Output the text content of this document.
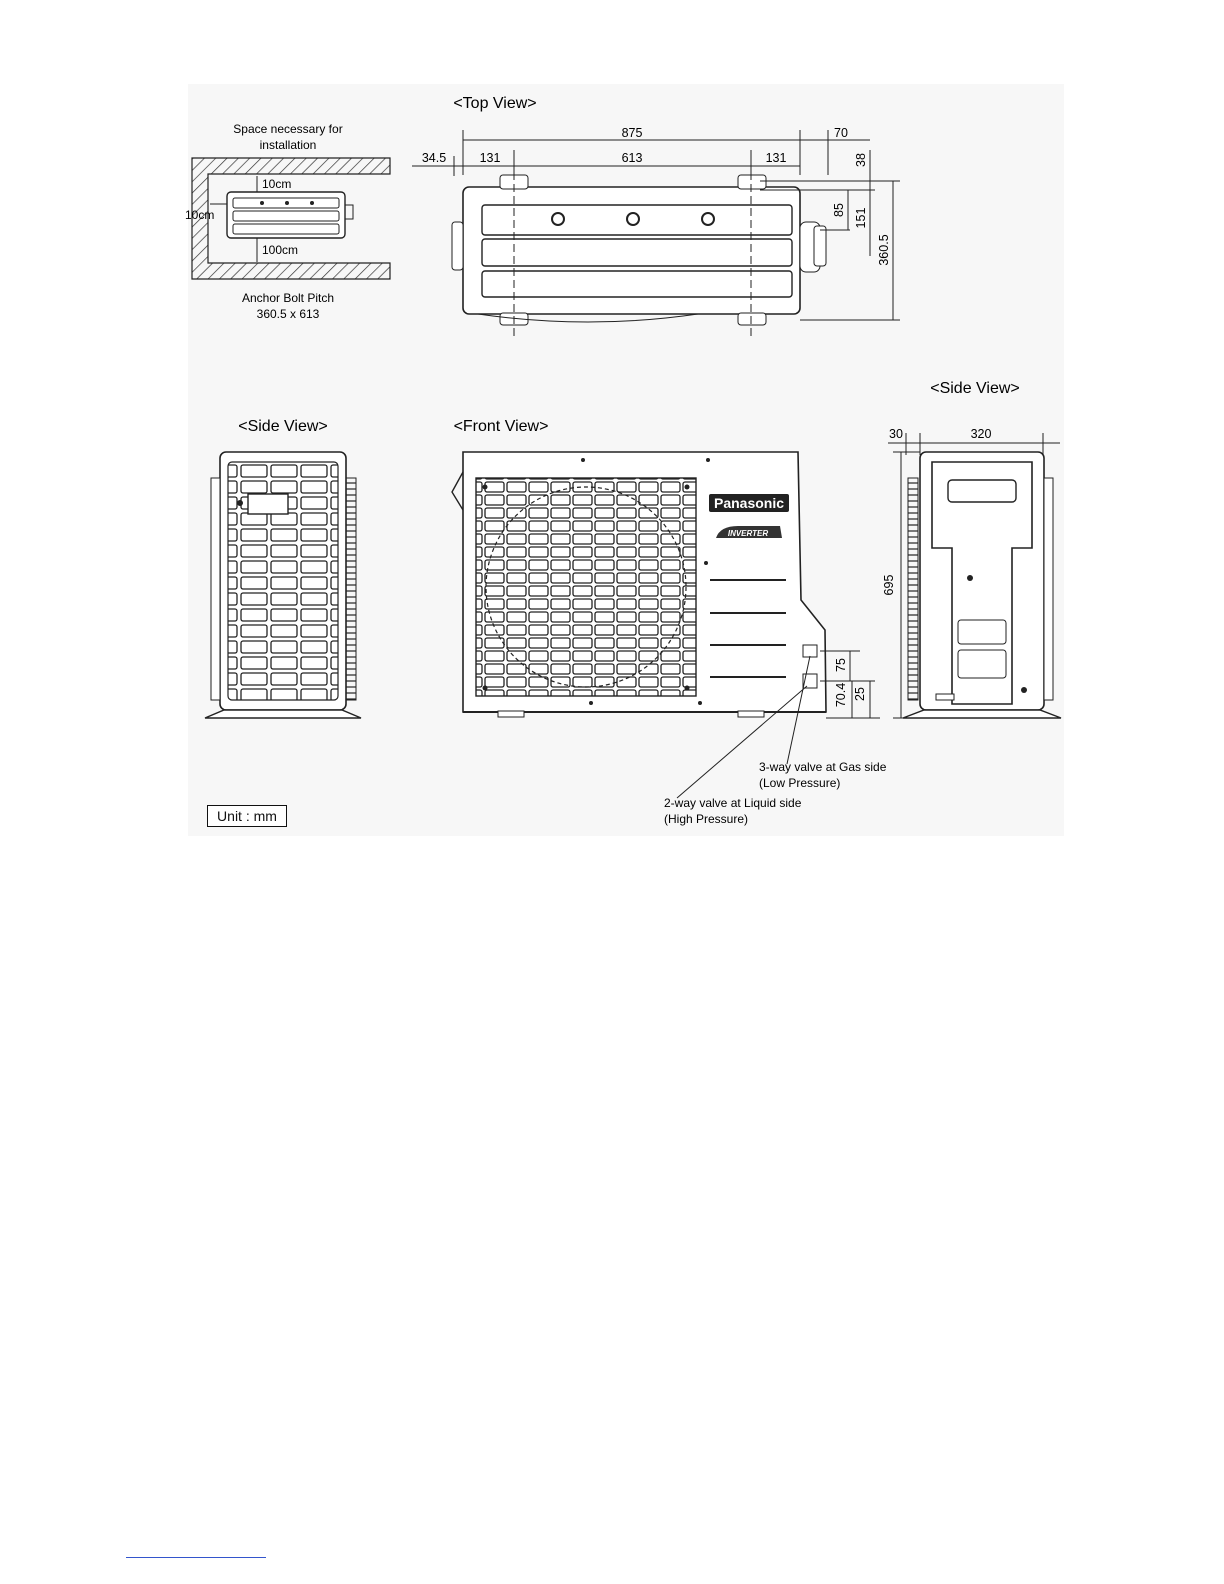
Space necessary for
installation
10cm
10cm
100cm
Anchor Bolt Pitch
360.5 x 613
<Top View>
875	70
34.5	131	613	131	38
85 151
360.5
<Side View>
<Side View>	<Front View>
Panasonic
INVERTER
75
70.4 25
3-way valve at Gas side
(Low Pressure)
2-way valve at Liquid side
(High Pressure)
30	320
695
Unit : mm
